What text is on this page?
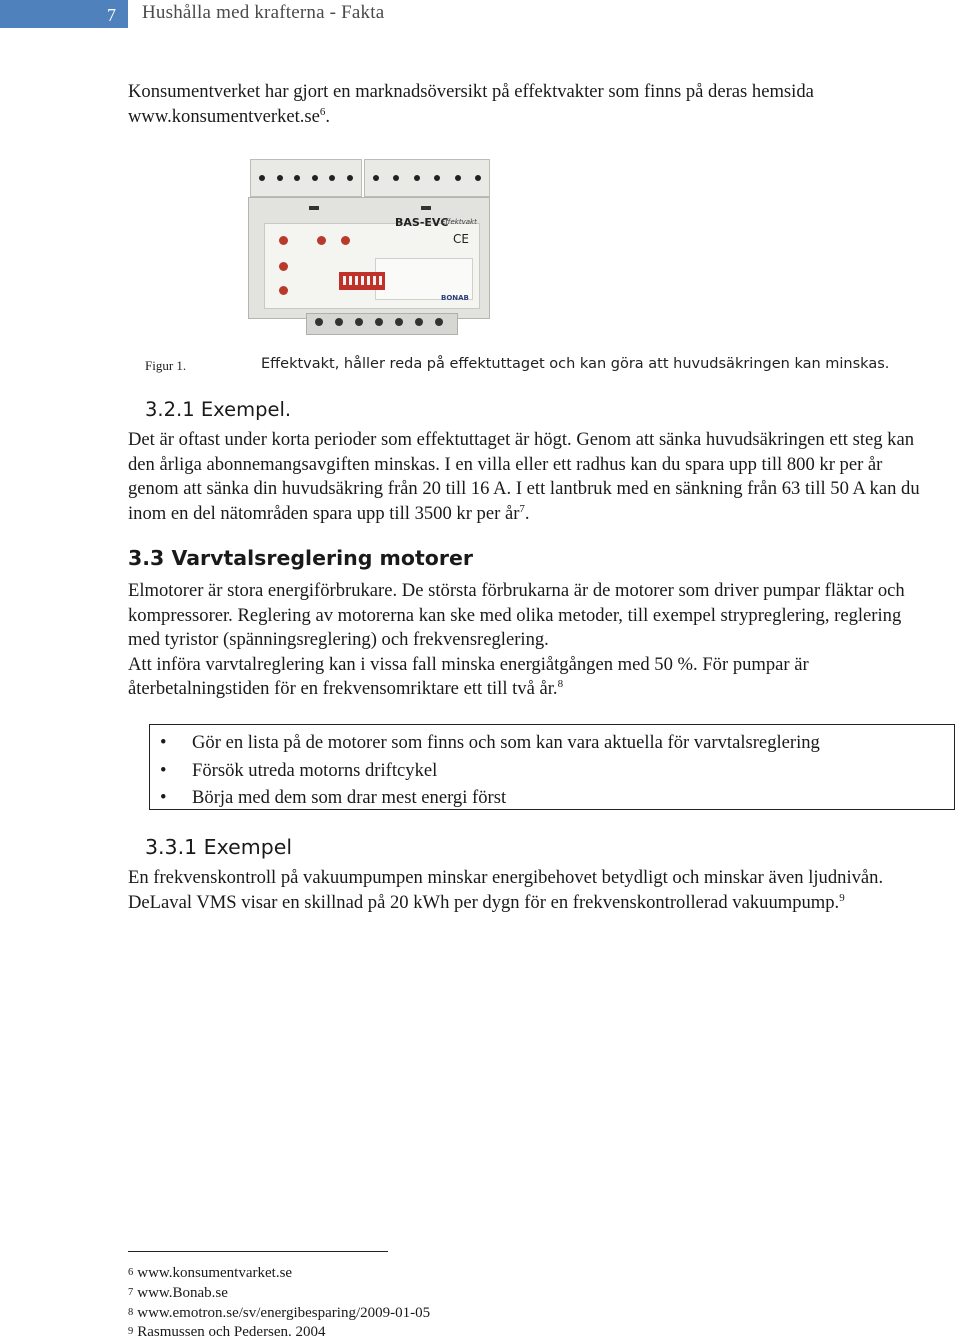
7	Hushålla med krafterna - Fakta
Konsumentverket har gjort en marknadsöversikt på effektvakter som finns på deras hemsida
$www.konsumentverket.se^6$.
BAS-EVC
Effektvakt
CE
BONAB
Figur 1.	Effektvakt, håller reda på effektuttaget och kan göra att huvudsäkringen kan minskas.
3.2.1 Exempel.
Det är oftast under korta perioder som effektuttaget är högt. Genom att sänka huvudsäkringen ett steg kan den årliga abonnemangsavgiften minskas. I en villa eller ett radhus kan du spara upp till 800 kr per år genom att sänka din huvudsäkring från 20 till 16 A. I ett lantbruk med en sänkning från 63 till 50 A kan du inom en del nätområden spara upp till 3500 kr per $år^7$.
3.3 Varvtalsreglering motorer
Elmotorer är stora energiförbrukare. De största förbrukarna är de motorer som driver pumpar fläktar och kompressorer. Reglering av motorerna kan ske med olika metoder, till exempel strypreglering, reglering med tyristor (spänningsreglering) och frekvensreglering.
Att införa varvtalreglering kan i vissa fall minska energiåtgången med 50 %. För pumpar är återbetalningstiden för en frekvensomriktare ett till två år.$^8$
• Gör en lista på de motorer som finns och som kan vara aktuella för varvtalsreglering
• Försök utreda motorns driftcykel
• Börja med dem som drar mest energi först
3.3.1 Exempel
En frekvenskontroll på vakuumpumpen minskar energibehovet betydligt och minskar även ljudnivån. DeLaval VMS visar en skillnad på 20 kWh per dygn för en frekvenskontrollerad vakuumpump.$^9$
6 www.konsumentvarket.se
7 www.Bonab.se
8 www.emotron.se/sv/energibesparing/2009-01-05
9 Rasmussen och Pedersen. 2004
